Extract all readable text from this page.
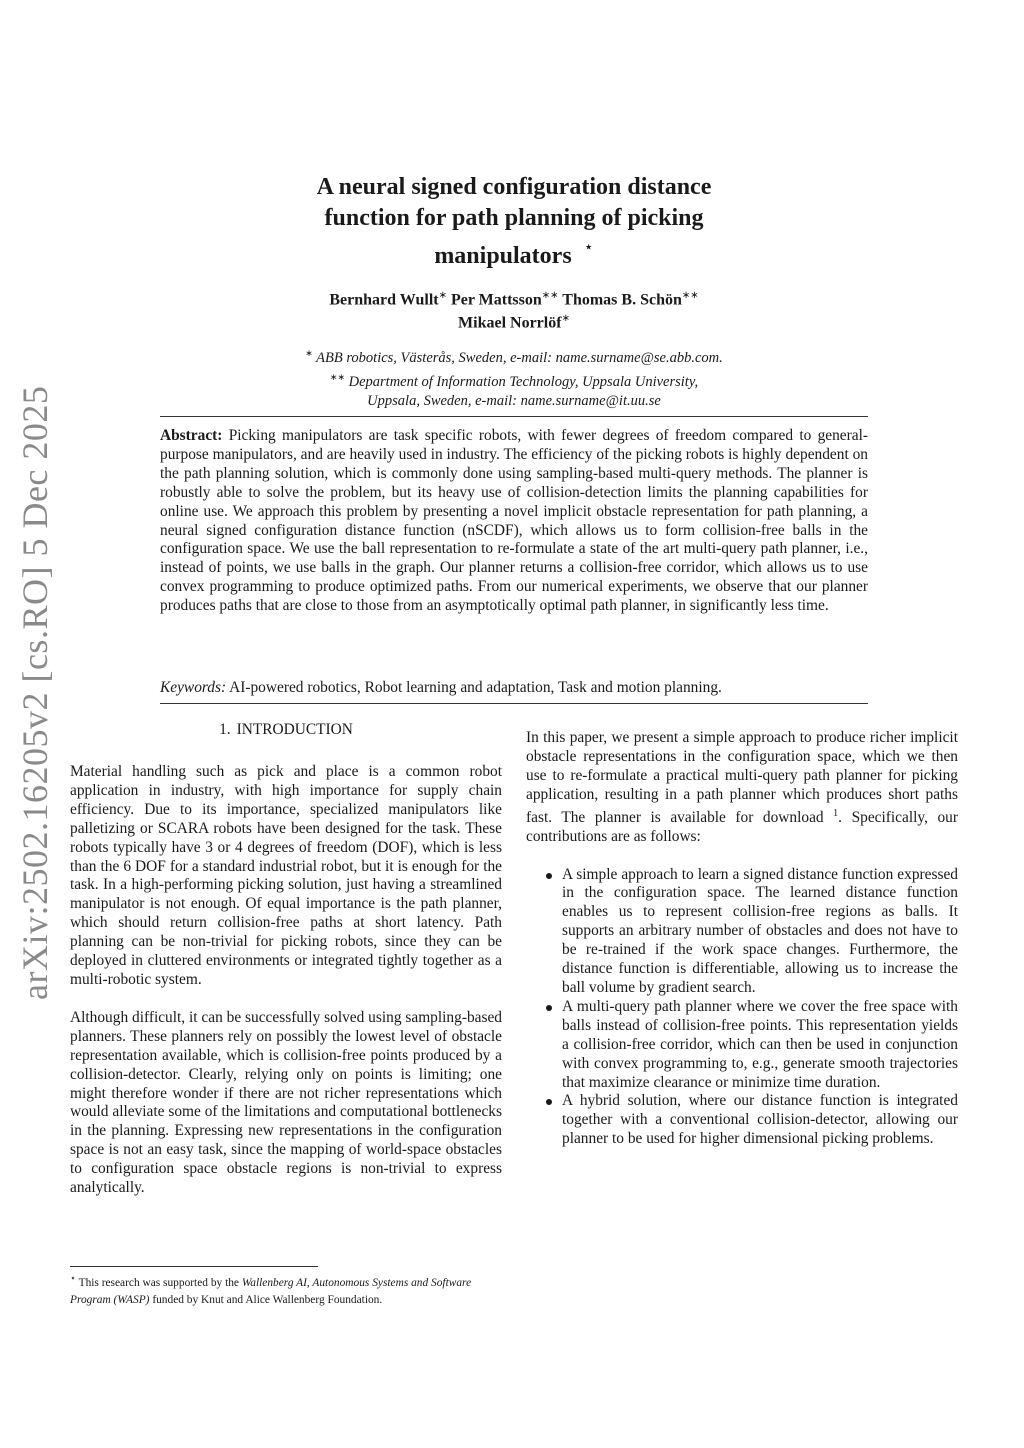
arXiv:2502.16205v2 [cs.RO] 5 Dec 2025
A neural signed configuration distance
function for path planning of picking
manipulators ⋆
Bernhard Wullt∗ Per Mattsson∗∗ Thomas B. Schön∗∗
Mikael Norrlöf∗
∗ ABB robotics, Västerås, Sweden, e-mail: name.surname@se.abb.com.
∗∗ Department of Information Technology, Uppsala University,
Uppsala, Sweden, e-mail: name.surname@it.uu.se
Abstract: Picking manipulators are task specific robots, with fewer degrees of freedom compared to general-purpose manipulators, and are heavily used in industry. The efficiency of the picking robots is highly dependent on the path planning solution, which is commonly done using sampling-based multi-query methods. The planner is robustly able to solve the problem, but its heavy use of collision-detection limits the planning capabilities for online use. We approach this problem by presenting a novel implicit obstacle representation for path planning, a neural signed configuration distance function (nSCDF), which allows us to form collision-free balls in the configuration space. We use the ball representation to re-formulate a state of the art multi-query path planner, i.e., instead of points, we use balls in the graph. Our planner returns a collision-free corridor, which allows us to use convex programming to produce optimized paths. From our numerical experiments, we observe that our planner produces paths that are close to those from an asymptotically optimal path planner, in significantly less time.
Keywords: AI-powered robotics, Robot learning and adaptation, Task and motion planning.
1. INTRODUCTION

Material handling such as pick and place is a common robot application in industry, with high importance for supply chain efficiency. Due to its importance, specialized manipulators like palletizing or SCARA robots have been designed for the task. These robots typically have 3 or 4 degrees of freedom (DOF), which is less than the 6 DOF for a standard industrial robot, but it is enough for the task. In a high-performing picking solution, just having a streamlined manipulator is not enough. Of equal importance is the path planner, which should return collision-free paths at short latency. Path planning can be non-trivial for picking robots, since they can be deployed in cluttered environments or integrated tightly together as a multi-robotic system.

Although difficult, it can be successfully solved using sampling-based planners. These planners rely on possibly the lowest level of obstacle representation available, which is collision-free points produced by a collision-detector. Clearly, relying only on points is limiting; one might therefore wonder if there are not richer representations which would alleviate some of the limitations and computational bottlenecks in the planning. Expressing new representations in the configuration space is not an easy task, since the mapping of world-space obstacles to configuration space obstacle regions is non-trivial to express analytically.

⋆ This research was supported by the Wallenberg AI, Autonomous Systems and Software Program (WASP) funded by Knut and Alice Wallenberg Foundation.

In this paper, we present a simple approach to produce richer implicit obstacle representations in the configuration space, which we then use to re-formulate a practical multi-query path planner for picking application, resulting in a path planner which produces short paths fast. The planner is available for download $^1$. Specifically, our contributions are as follows:

A simple approach to learn a signed distance function expressed in the configuration space. The learned distance function enables us to represent collision-free regions as balls. It supports an arbitrary number of obstacles and does not have to be re-trained if the work space changes. Furthermore, the distance function is differentiable, allowing us to increase the ball volume by gradient search.
A multi-query path planner where we cover the free space with balls instead of collision-free points. This representation yields a collision-free corridor, which can then be used in conjunction with convex programming to, e.g., generate smooth trajectories that maximize clearance or minimize time duration.
A hybrid solution, where our distance function is integrated together with a conventional collision-detector, allowing our planner to be used for higher dimensional picking problems.
